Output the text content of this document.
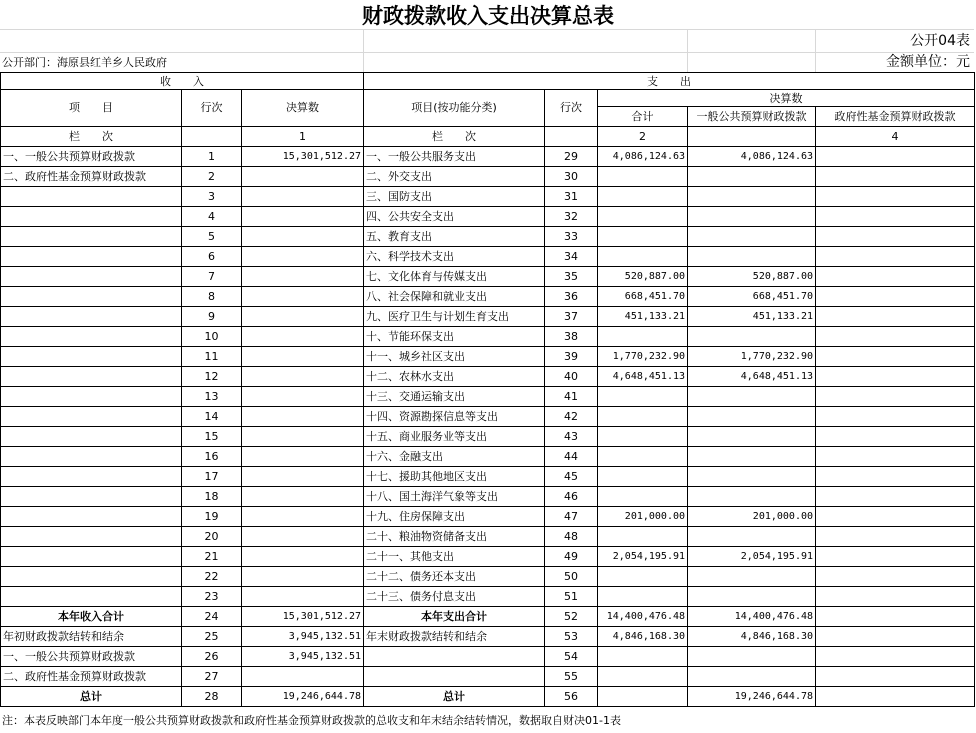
财政拨款收入支出决算总表
公开04表
公开部门：海原县红羊乡人民政府	金额单位：元
收　　入			支　　出				
项　　目	行次	决算数	项目(按功能分类)	行次	决算数		
					合计	一般公共预算财政拨款	政府性基金预算财政拨款
栏　　次		1	栏　　次		2		4
一、一般公共预算财政拨款	1	15,301,512.27	一、一般公共服务支出	29	4,086,124.63	4,086,124.63	
二、政府性基金预算财政拨款	2		二、外交支出	30			
	3		三、国防支出	31			
	4		四、公共安全支出	32			
	5		五、教育支出	33			
	6		六、科学技术支出	34			
	7		七、文化体育与传媒支出	35	520,887.00	520,887.00	
	8		八、社会保障和就业支出	36	668,451.70	668,451.70	
	9		九、医疗卫生与计划生育支出	37	451,133.21	451,133.21	
	10		十、节能环保支出	38			
	11		十一、城乡社区支出	39	1,770,232.90	1,770,232.90	
	12		十二、农林水支出	40	4,648,451.13	4,648,451.13	
	13		十三、交通运输支出	41			
	14		十四、资源勘探信息等支出	42			
	15		十五、商业服务业等支出	43			
	16		十六、金融支出	44			
	17		十七、援助其他地区支出	45			
	18		十八、国土海洋气象等支出	46			
	19		十九、住房保障支出	47	201,000.00	201,000.00	
	20		二十、粮油物资储备支出	48			
	21		二十一、其他支出	49	2,054,195.91	2,054,195.91	
	22		二十二、债务还本支出	50			
	23		二十三、债务付息支出	51			
本年收入合计	24	15,301,512.27	本年支出合计	52	14,400,476.48	14,400,476.48	
年初财政拨款结转和结余	25	3,945,132.51	年末财政拨款结转和结余	53	4,846,168.30	4,846,168.30	
一、一般公共预算财政拨款	26	3,945,132.51		54			
二、政府性基金预算财政拨款	27			55			
总计	28	19,246,644.78	总计	56		19,246,644.78	
注：本表反映部门本年度一般公共预算财政拨款和政府性基金预算财政拨款的总收支和年末结余结转情况，数据取自财决01-1表
